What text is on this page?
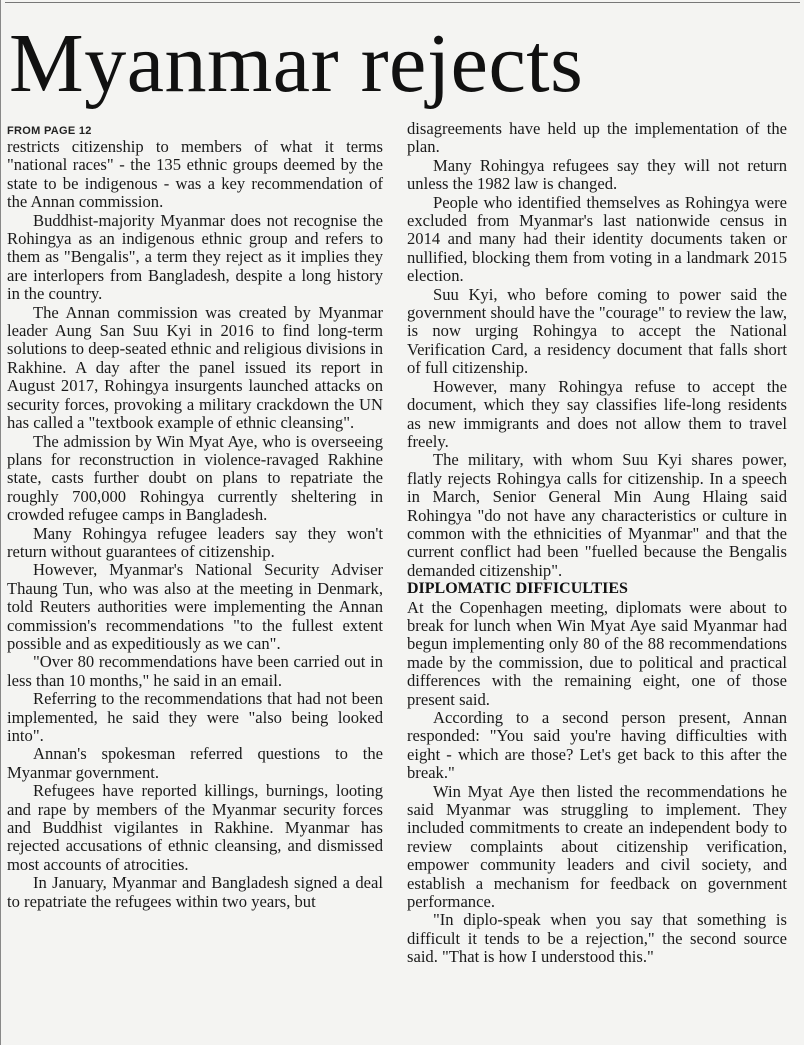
Myanmar rejects
FROM PAGE 12

restricts citizenship to members of what it terms "national races" - the 135 ethnic groups deemed by the state to be indigenous - was a key recommendation of the Annan commission.

Buddhist-majority Myanmar does not recognise the Rohingya as an indigenous ethnic group and refers to them as "Bengalis", a term they reject as it implies they are interlopers from Bangladesh, despite a long history in the country.

The Annan commission was created by Myanmar leader Aung San Suu Kyi in 2016 to find long-term solutions to deep-seated ethnic and religious divisions in Rakhine. A day after the panel issued its report in August 2017, Rohingya insurgents launched attacks on security forces, provoking a military crackdown the UN has called a "textbook example of ethnic cleansing".

The admission by Win Myat Aye, who is overseeing plans for reconstruction in violence-ravaged Rakhine state, casts further doubt on plans to repatriate the roughly 700,000 Rohingya currently sheltering in crowded refugee camps in Bangladesh.

Many Rohingya refugee leaders say they won't return without guarantees of citizenship.

However, Myanmar's National Security Adviser Thaung Tun, who was also at the meeting in Denmark, told Reuters authorities were implementing the Annan commission's recommendations "to the fullest extent possible and as expeditiously as we can".

"Over 80 recommendations have been carried out in less than 10 months," he said in an email.

Referring to the recommendations that had not been implemented, he said they were "also being looked into".

Annan's spokesman referred questions to the Myanmar government.

Refugees have reported killings, burnings, looting and rape by members of the Myanmar security forces and Buddhist vigilantes in Rakhine. Myanmar has rejected accusations of ethnic cleansing, and dismissed most accounts of atrocities.

In January, Myanmar and Bangladesh signed a deal to repatriate the refugees within two years, but

disagreements have held up the implementation of the plan.

Many Rohingya refugees say they will not return unless the 1982 law is changed.

People who identified themselves as Rohingya were excluded from Myanmar's last nationwide census in 2014 and many had their identity documents taken or nullified, blocking them from voting in a landmark 2015 election.

Suu Kyi, who before coming to power said the government should have the "courage" to review the law, is now urging Rohingya to accept the National Verification Card, a residency document that falls short of full citizenship.

However, many Rohingya refuse to accept the document, which they say classifies life-long residents as new immigrants and does not allow them to travel freely.

The military, with whom Suu Kyi shares power, flatly rejects Rohingya calls for citizenship. In a speech in March, Senior General Min Aung Hlaing said Rohingya "do not have any characteristics or culture in common with the ethnicities of Myanmar" and that the current conflict had been "fuelled because the Bengalis demanded citizenship".

DIPLOMATIC DIFFICULTIES

At the Copenhagen meeting, diplomats were about to break for lunch when Win Myat Aye said Myanmar had begun implementing only 80 of the 88 recommendations made by the commission, due to political and practical differences with the remaining eight, one of those present said.

According to a second person present, Annan responded: "You said you're having difficulties with eight - which are those? Let's get back to this after the break."

Win Myat Aye then listed the recommendations he said Myanmar was struggling to implement. They included commitments to create an independent body to review complaints about citizenship verification, empower community leaders and civil society, and establish a mechanism for feedback on government performance.

"In diplo-speak when you say that something is difficult it tends to be a rejection," the second source said. "That is how I understood this."
